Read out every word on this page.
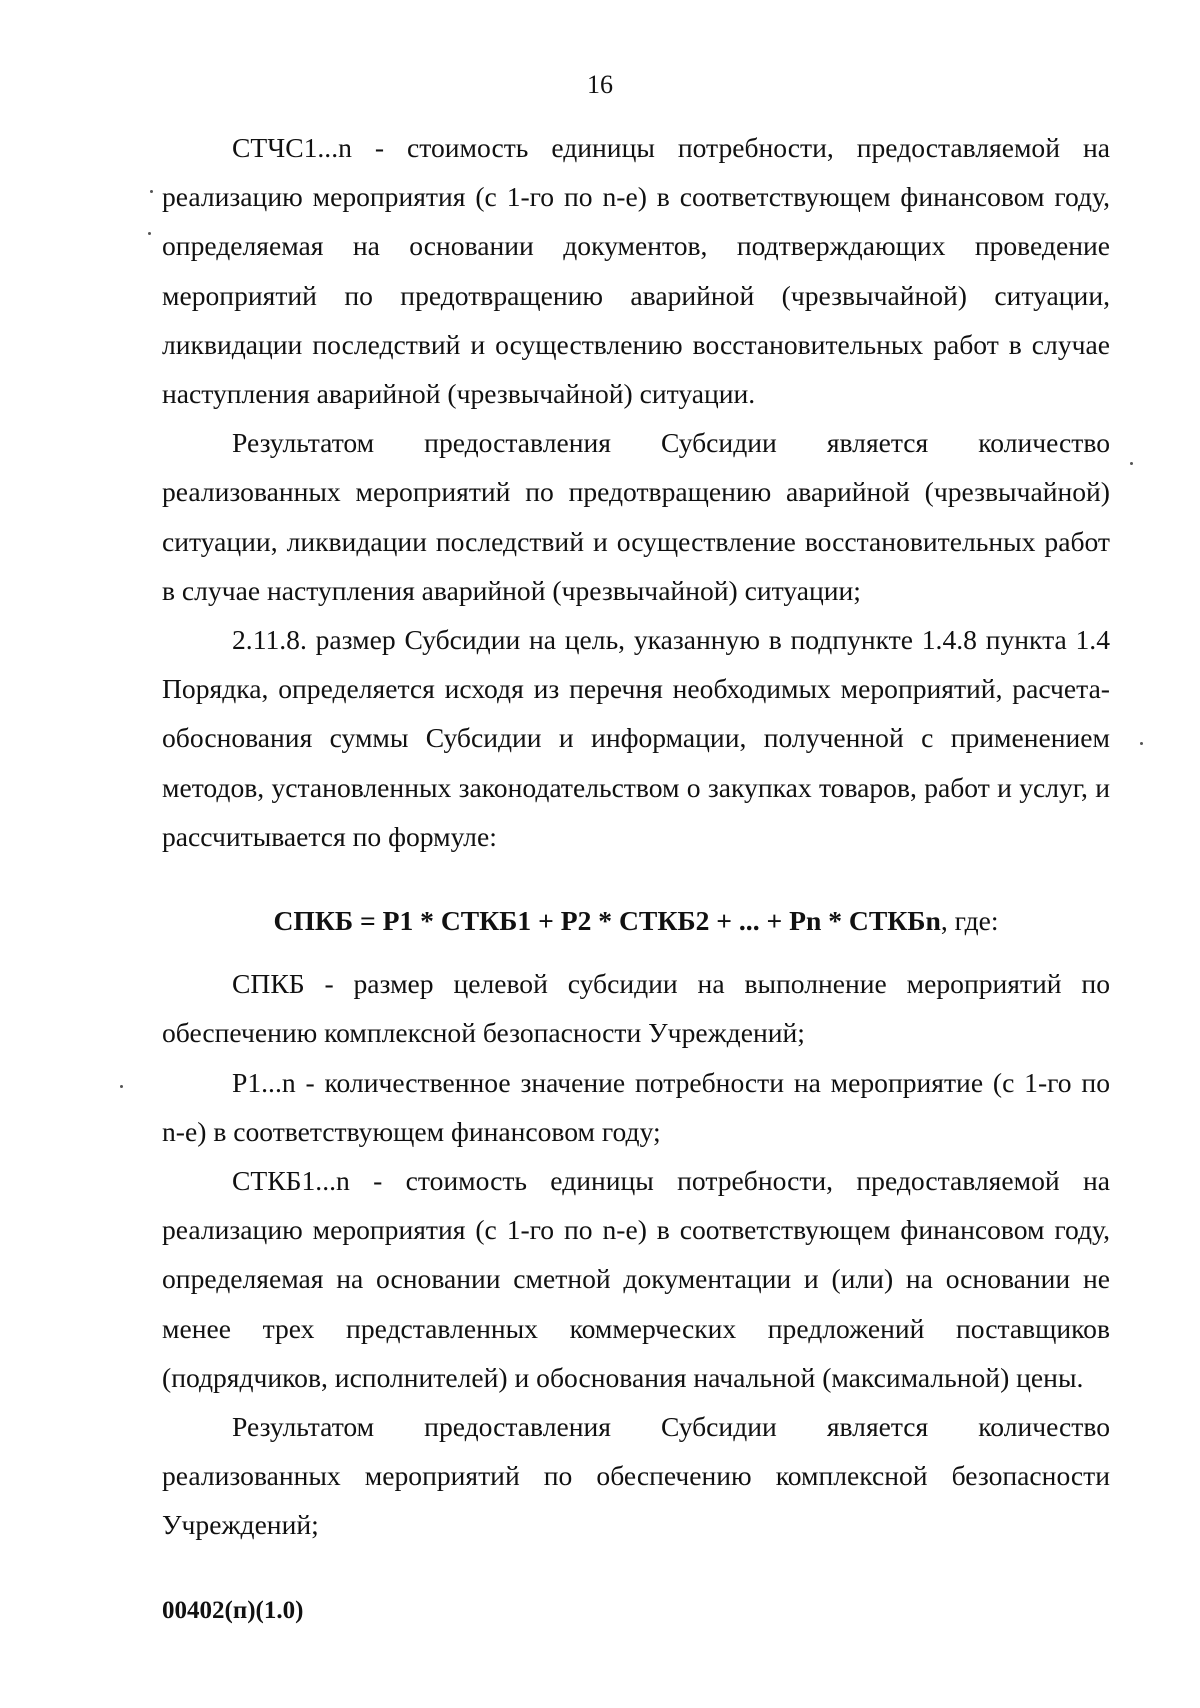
16

СТЧС1...n - стоимость единицы потребности, предоставляемой на реализацию мероприятия (с 1-го по n-е) в соответствующем финансовом году, определяемая на основании документов, подтверждающих проведение мероприятий по предотвращению аварийной (чрезвычайной) ситуации, ликвидации последствий и осуществлению восстановительных работ в случае наступления аварийной (чрезвычайной) ситуации.

Результатом предоставления Субсидии является количество реализованных мероприятий по предотвращению аварийной (чрезвычайной) ситуации, ликвидации последствий и осуществление восстановительных работ в случае наступления аварийной (чрезвычайной) ситуации;

2.11.8. размер Субсидии на цель, указанную в подпункте 1.4.8 пункта 1.4 Порядка, определяется исходя из перечня необходимых мероприятий, расчета-обоснования суммы Субсидии и информации, полученной с применением методов, установленных законодательством о закупках товаров, работ и услуг, и рассчитывается по формуле:

СПКБ = Р1 * СТКБ1 + Р2 * СТКБ2 + ... + Рn * СТКБn, где:

СПКБ - размер целевой субсидии на выполнение мероприятий по обеспечению комплексной безопасности Учреждений;

Р1...n - количественное значение потребности на мероприятие (с 1-го по n-е) в соответствующем финансовом году;

СТКБ1...n - стоимость единицы потребности, предоставляемой на реализацию мероприятия (с 1-го по n-е) в соответствующем финансовом году, определяемая на основании сметной документации и (или) на основании не менее трех представленных коммерческих предложений поставщиков (подрядчиков, исполнителей) и обоснования начальной (максимальной) цены.

Результатом предоставления Субсидии является количество реализованных мероприятий по обеспечению комплексной безопасности Учреждений;

00402(п)(1.0)
